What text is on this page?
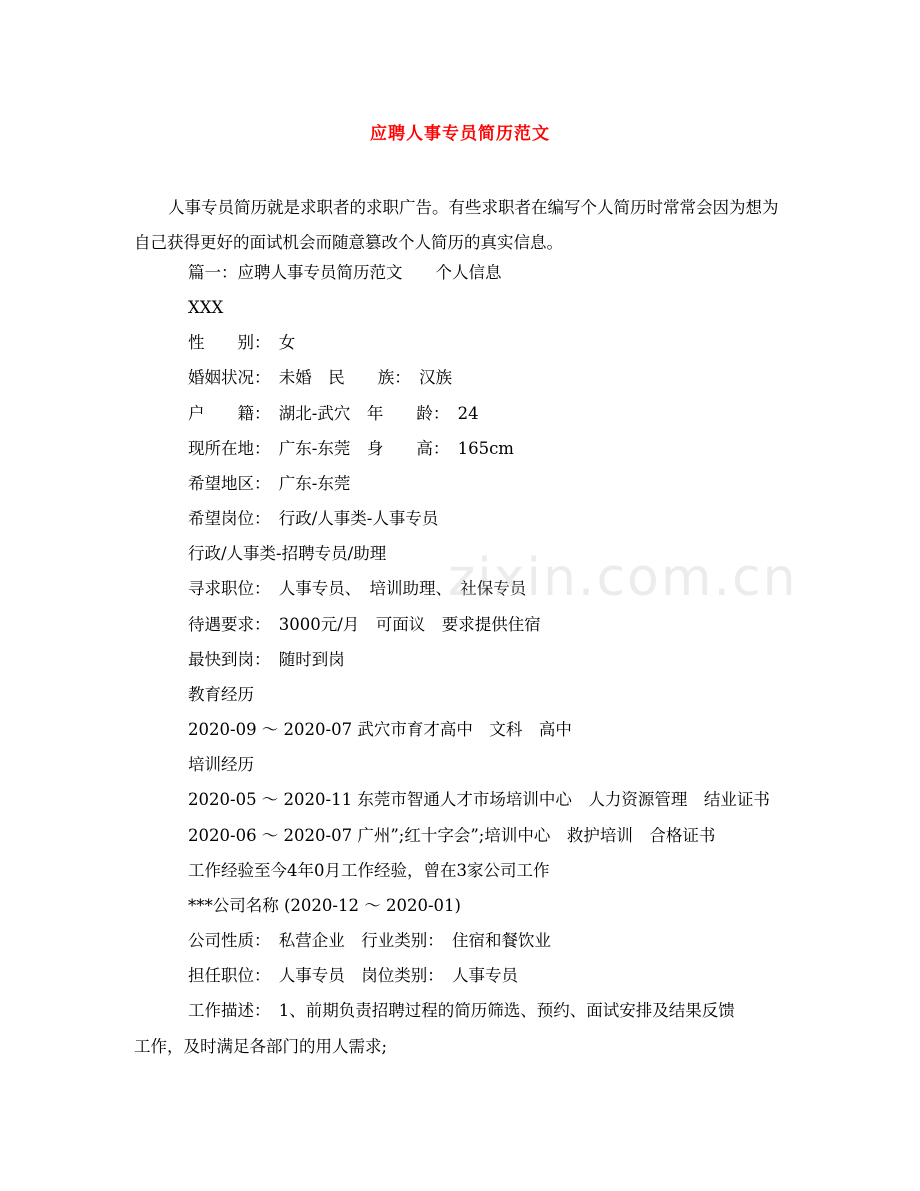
应聘人事专员简历范文
人事专员简历就是求职者的求职广告。有些求职者在编写个人简历时常常会因为想为自己获得更好的面试机会而随意篡改个人简历的真实信息。
篇一：应聘人事专员简历范文　　个人信息
XXX
性　　别：　女
婚姻状况：　未婚　民　　族：　汉族
户　　籍：　湖北-武穴　年　　龄：　24
现所在地：　广东-东莞　身　　高：　165cm
希望地区：　广东-东莞
希望岗位：　行政/人事类-人事专员
行政/人事类-招聘专员/助理
寻求职位：　人事专员、　培训助理、　社保专员
待遇要求：　3000元/月　可面议　要求提供住宿
最快到岗：　随时到岗
教育经历
2020-09 ～ 2020-07 武穴市育才高中　文科　高中
培训经历
2020-05 ～ 2020-11 东莞市智通人才市场培训中心　人力资源管理　结业证书
2020-06 ～ 2020-07 广州”;红十字会”;培训中心　救护培训　合格证书
工作经验至今4年0月工作经验，曾在3家公司工作
***公司名称 (2020-12 ～ 2020-01)
公司性质：　私营企业　行业类别：　住宿和餐饮业
担任职位：　人事专员　岗位类别：　人事专员
工作描述：　1、前期负责招聘过程的简历筛选、预约、面试安排及结果反馈
工作，及时满足各部门的用人需求;
zixin.com.cn
